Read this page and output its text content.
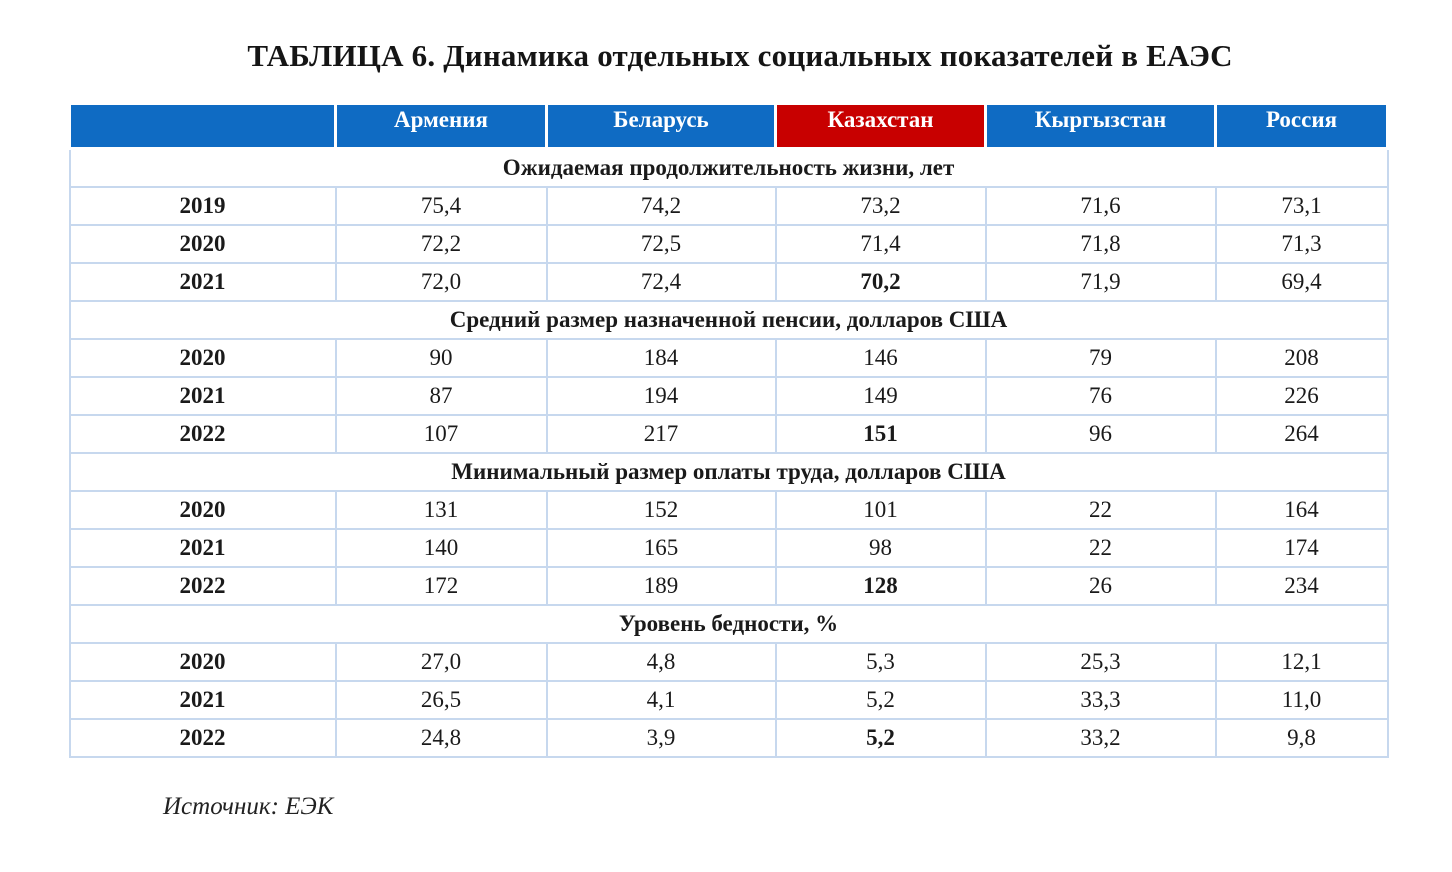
ТАБЛИЦА 6. Динамика отдельных социальных показателей в ЕАЭС
	Армения	Беларусь	Казахстан	Кыргызстан	Россия
Ожидаемая продолжительность жизни, лет					
2019	75,4	74,2	73,2	71,6	73,1
2020	72,2	72,5	71,4	71,8	71,3
2021	72,0	72,4	70,2	71,9	69,4
Средний размер назначенной пенсии, долларов США					
2020	90	184	146	79	208
2021	87	194	149	76	226
2022	107	217	151	96	264
Минимальный размер оплаты труда, долларов США					
2020	131	152	101	22	164
2021	140	165	98	22	174
2022	172	189	128	26	234
Уровень бедности, %					
2020	27,0	4,8	5,3	25,3	12,1
2021	26,5	4,1	5,2	33,3	11,0
2022	24,8	3,9	5,2	33,2	9,8
Источник: ЕЭК
